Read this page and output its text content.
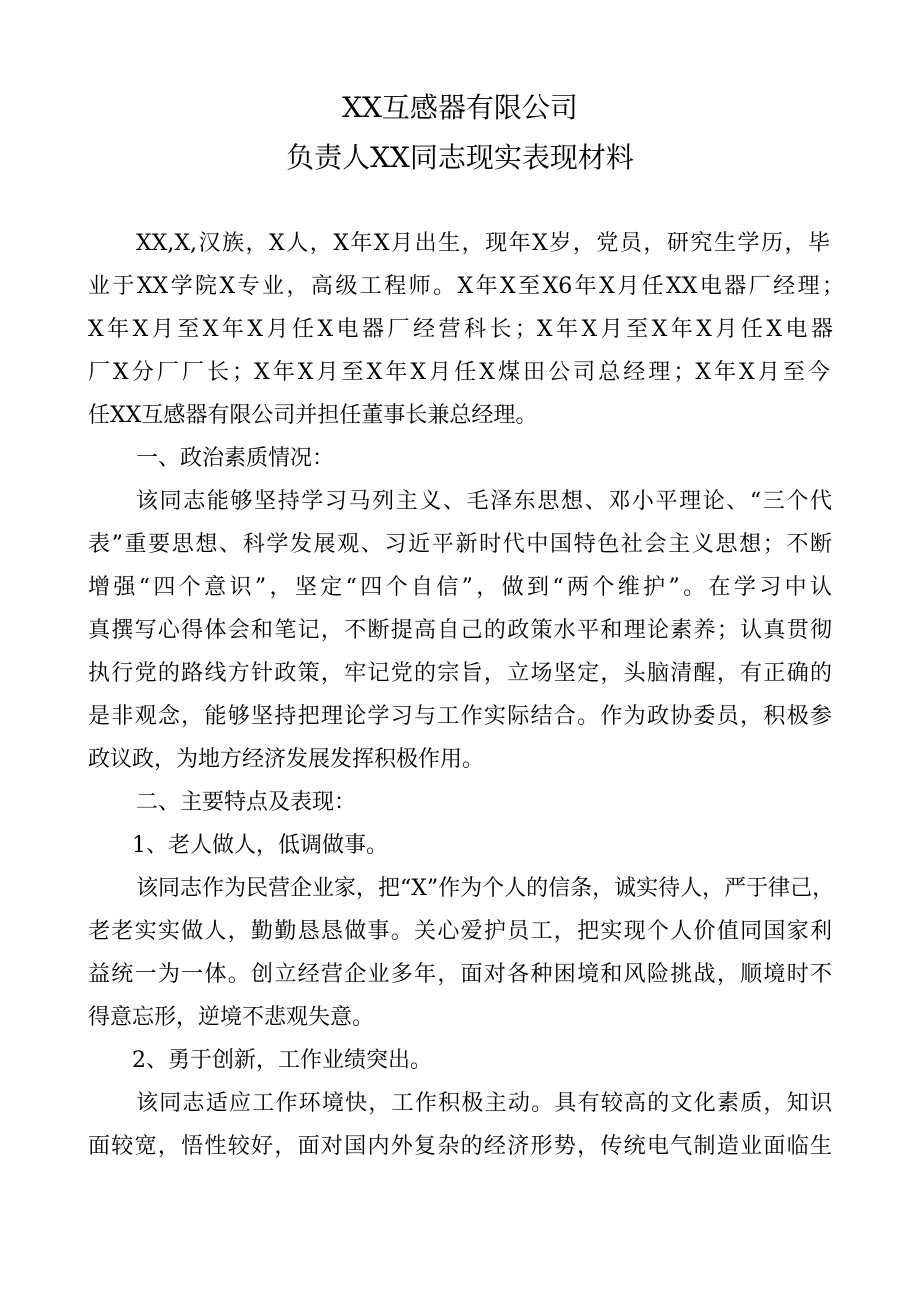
XX互感器有限公司
负责人XX同志现实表现材料
XX,X,汉族，X人，X年X月出生，现年X岁，党员，研究生学历，毕
业于XX学院X专业，高级工程师。X年X至X6年X月任XX电器厂经理；
X年X月至X年X月任X电器厂经营科长；X年X月至X年X月任X电器
厂X分厂厂长；X年X月至X年X月任X煤田公司总经理；X年X月至今
任XX互感器有限公司并担任董事长兼总经理。
一、政治素质情况：
该同志能够坚持学习马列主义、毛泽东思想、邓小平理论、“三个代
表”重要思想、科学发展观、习近平新时代中国特色社会主义思想；不断
增强“四个意识”，坚定“四个自信”，做到“两个维护”。在学习中认
真撰写心得体会和笔记，不断提高自己的政策水平和理论素养；认真贯彻
执行党的路线方针政策，牢记党的宗旨，立场坚定，头脑清醒，有正确的
是非观念，能够坚持把理论学习与工作实际结合。作为政协委员，积极参
政议政，为地方经济发展发挥积极作用。
二、主要特点及表现：
1、老人做人，低调做事。
该同志作为民营企业家，把“X”作为个人的信条，诚实待人，严于律己，
老老实实做人，勤勤恳恳做事。关心爱护员工，把实现个人价值同国家利
益统一为一体。创立经营企业多年，面对各种困境和风险挑战，顺境时不
得意忘形，逆境不悲观失意。
2、勇于创新，工作业绩突出。
该同志适应工作环境快，工作积极主动。具有较高的文化素质，知识
面较宽，悟性较好，面对国内外复杂的经济形势，传统电气制造业面临生
